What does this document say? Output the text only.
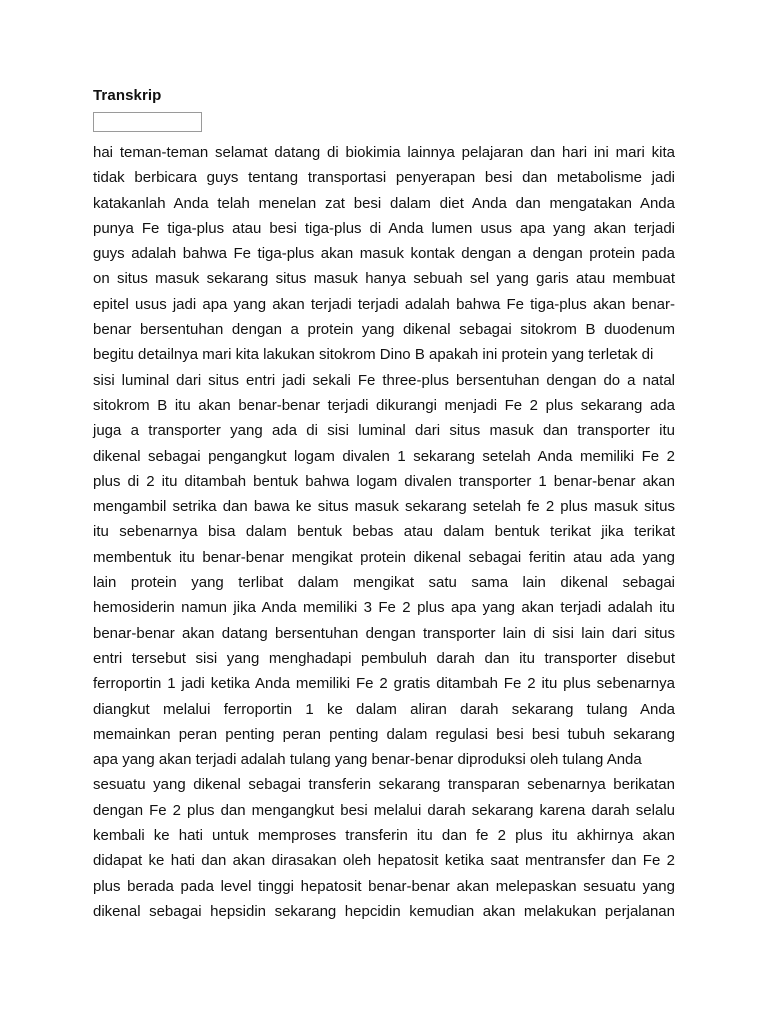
Transkrip
hai teman-teman selamat datang di biokimia lainnya pelajaran dan hari ini mari kita
tidak berbicara guys tentang transportasi penyerapan besi dan metabolisme jadi
katakanlah Anda telah menelan zat besi dalam diet Anda dan mengatakan Anda
punya Fe tiga-plus atau besi tiga-plus di Anda lumen usus apa yang akan terjadi
guys adalah bahwa Fe tiga-plus akan masuk kontak dengan a dengan protein pada
on situs masuk sekarang situs masuk hanya sebuah sel yang garis atau membuat
epitel usus jadi apa yang akan terjadi terjadi adalah bahwa Fe tiga-plus akan benar-
benar bersentuhan dengan a protein yang dikenal sebagai sitokrom B duodenum
begitu detailnya mari kita lakukan sitokrom Dino B apakah ini protein yang terletak di
sisi luminal dari situs entri jadi sekali Fe three-plus bersentuhan dengan do a natal
sitokrom B itu akan benar-benar terjadi dikurangi menjadi Fe 2 plus sekarang ada
juga a transporter yang ada di sisi luminal dari situs masuk dan transporter itu
dikenal sebagai pengangkut logam divalen 1 sekarang setelah Anda memiliki Fe 2
plus di 2 itu ditambah bentuk bahwa logam divalen transporter 1 benar-benar akan
mengambil setrika dan bawa ke situs masuk sekarang setelah fe 2 plus masuk situs
itu sebenarnya bisa dalam bentuk bebas atau dalam bentuk terikat jika terikat
membentuk itu benar-benar mengikat protein dikenal sebagai feritin atau ada yang
lain protein yang terlibat dalam mengikat satu sama lain dikenal sebagai
hemosiderin namun jika Anda memiliki 3 Fe 2 plus apa yang akan terjadi adalah itu
benar-benar akan datang bersentuhan dengan transporter lain di sisi lain dari situs
entri tersebut sisi yang menghadapi pembuluh darah dan itu transporter disebut
ferroportin 1 jadi ketika Anda memiliki Fe 2 gratis ditambah Fe 2 itu plus sebenarnya
diangkut melalui ferroportin 1 ke dalam aliran darah sekarang tulang Anda
memainkan peran penting peran penting dalam regulasi besi besi tubuh sekarang
apa yang akan terjadi adalah tulang yang benar-benar diproduksi oleh tulang Anda
sesuatu yang dikenal sebagai transferin sekarang transparan sebenarnya berikatan
dengan Fe 2 plus dan mengangkut besi melalui darah sekarang karena darah selalu
kembali ke hati untuk memproses transferin itu dan fe 2 plus itu akhirnya akan
didapat ke hati dan akan dirasakan oleh hepatosit ketika saat mentransfer dan Fe 2
plus berada pada level tinggi hepatosit benar-benar akan melepaskan sesuatu yang
dikenal sebagai hepsidin sekarang hepcidin kemudian akan melakukan perjalanan
